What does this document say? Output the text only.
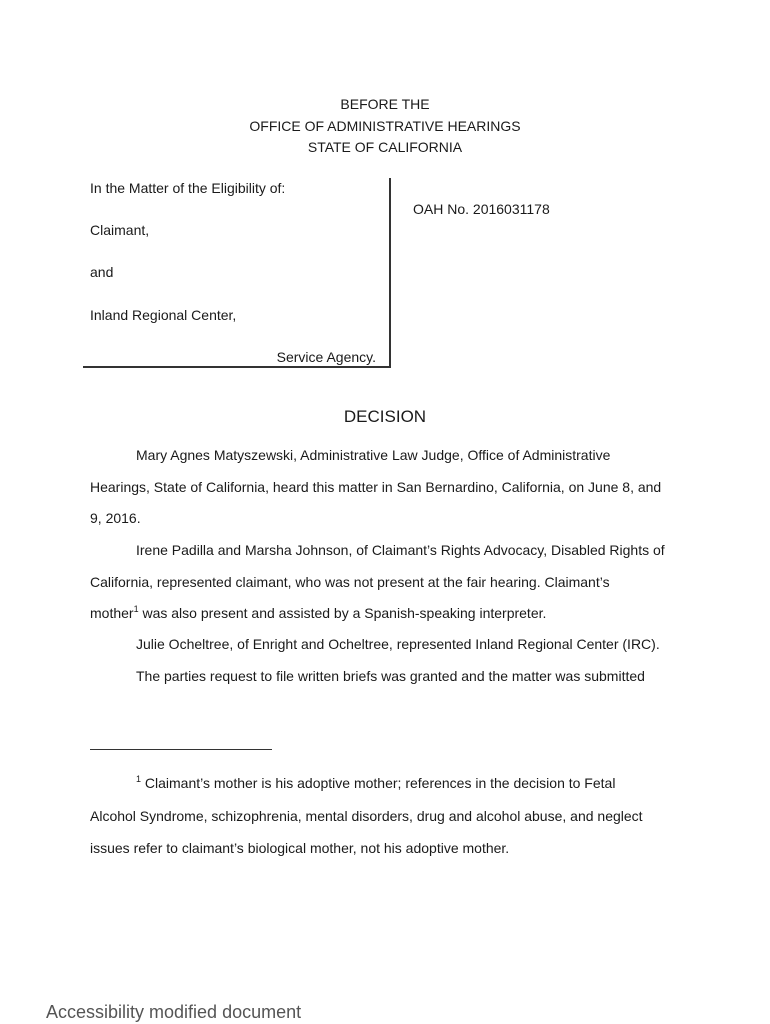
BEFORE THE
OFFICE OF ADMINISTRATIVE HEARINGS
STATE OF CALIFORNIA
In the Matter of the Eligibility of:
Claimant,
and
Inland Regional Center,
Service Agency.
OAH No. 2016031178
DECISION
Mary Agnes Matyszewski, Administrative Law Judge, Office of Administrative
Hearings, State of California, heard this matter in San Bernardino, California, on June 8, and
9, 2016.
Irene Padilla and Marsha Johnson, of Claimant’s Rights Advocacy, Disabled Rights of
California, represented claimant, who was not present at the fair hearing. Claimant’s
mother$^1$ was also present and assisted by a Spanish-speaking interpreter.
Julie Ocheltree, of Enright and Ocheltree, represented Inland Regional Center (IRC).
The parties request to file written briefs was granted and the matter was submitted
$^1$ Claimant’s mother is his adoptive mother; references in the decision to Fetal
Alcohol Syndrome, schizophrenia, mental disorders, drug and alcohol abuse, and neglect
issues refer to claimant’s biological mother, not his adoptive mother.
Accessibility modified document
